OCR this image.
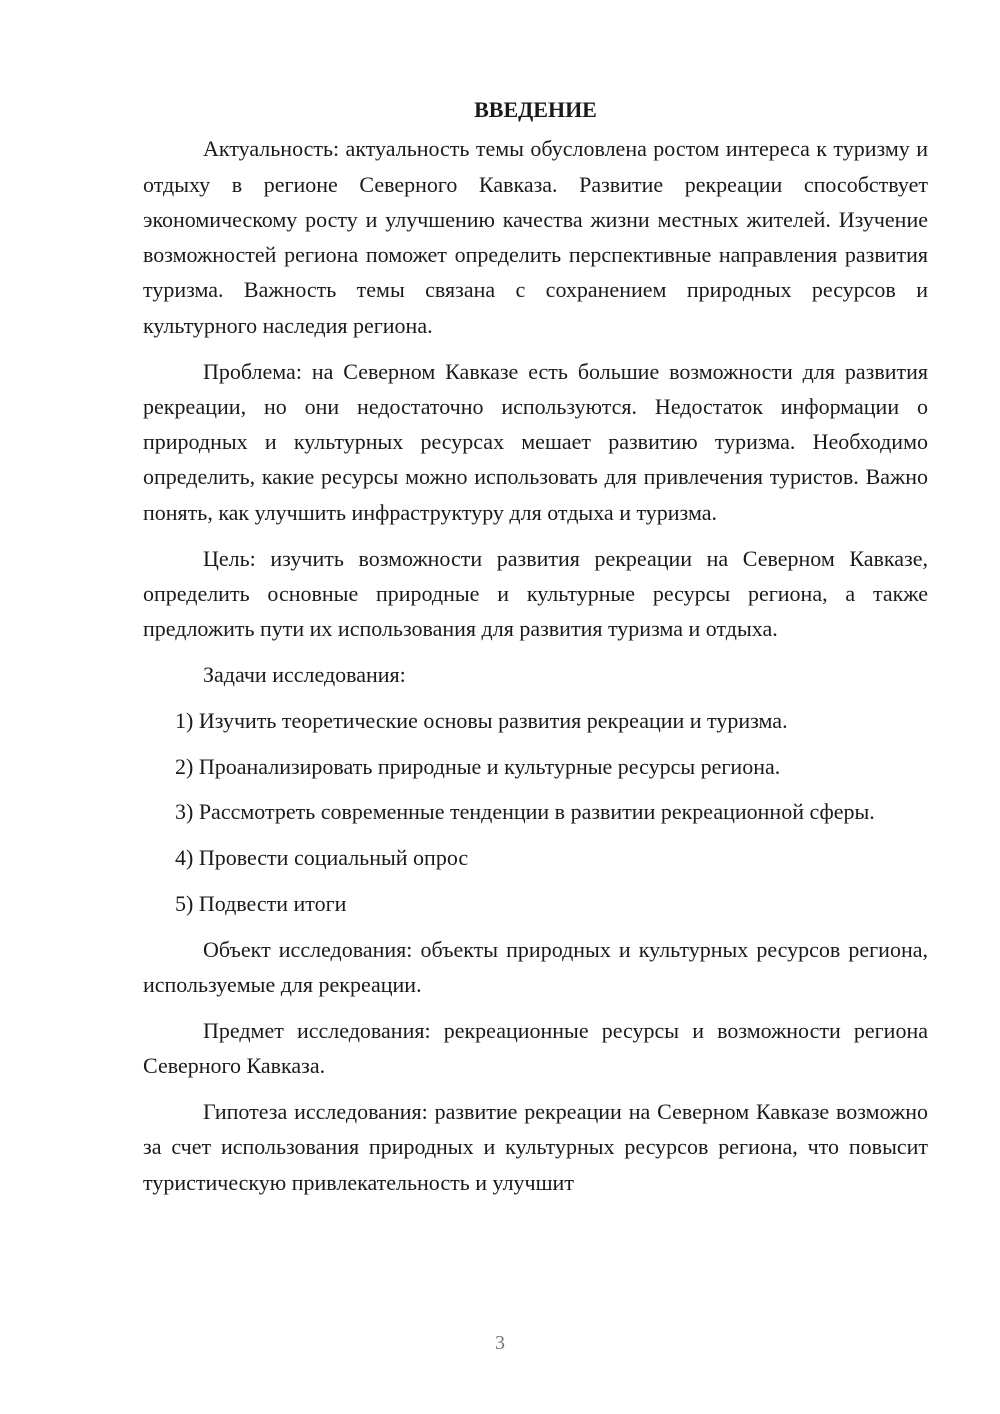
ВВЕДЕНИЕ

Актуальность: актуальность темы обусловлена ростом интереса к туризму и отдыху в регионе Северного Кавказа. Развитие рекреации способствует экономическому росту и улучшению качества жизни местных жителей. Изучение возможностей региона поможет определить перспективные направления развития туризма. Важность темы связана с сохранением природных ресурсов и культурного наследия региона.

Проблема: на Северном Кавказе есть большие возможности для развития рекреации, но они недостаточно используются. Недостаток информации о природных и культурных ресурсах мешает развитию туризма. Необходимо определить, какие ресурсы можно использовать для привлечения туристов. Важно понять, как улучшить инфраструктуру для отдыха и туризма.

Цель: изучить возможности развития рекреации на Северном Кавказе, определить основные природные и культурные ресурсы региона, а также предложить пути их использования для развития туризма и отдыха.

Задачи исследования:

1) Изучить теоретические основы развития рекреации и туризма.

2) Проанализировать природные и культурные ресурсы региона.

3) Рассмотреть современные тенденции в развитии рекреационной сферы.

4) Провести социальный опрос

5) Подвести итоги

Объект исследования: объекты природных и культурных ресурсов региона, используемые для рекреации.

Предмет исследования: рекреационные ресурсы и возможности региона Северного Кавказа.

Гипотеза исследования: развитие рекреации на Северном Кавказе возможно за счет использования природных и культурных ресурсов региона, что повысит туристическую привлекательность и улучшит

3
